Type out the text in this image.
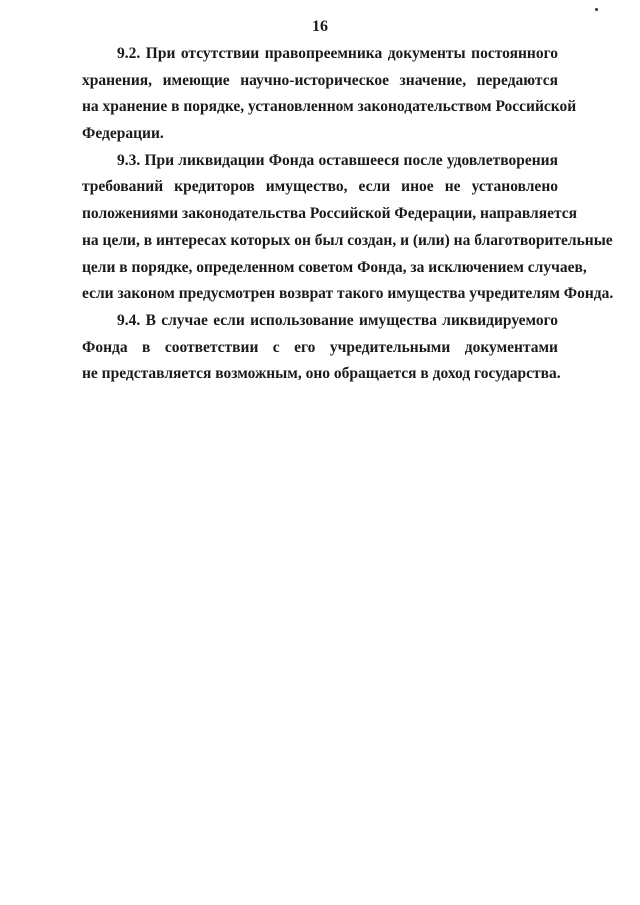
16
9.2. При отсутствии правопреемника документы постоянного
хранения, имеющие научно-историческое значение, передаются
на хранение в порядке, установленном законодательством Российской
Федерации.
9.3. При ликвидации Фонда оставшееся после удовлетворения
требований кредиторов имущество, если иное не установлено
положениями законодательства Российской Федерации, направляется
на цели, в интересах которых он был создан, и (или) на благотворительные
цели в порядке, определенном советом Фонда, за исключением случаев,
если законом предусмотрен возврат такого имущества учредителям Фонда.
9.4. В случае если использование имущества ликвидируемого
Фонда в соответствии с его учредительными документами
не представляется возможным, оно обращается в доход государства.
